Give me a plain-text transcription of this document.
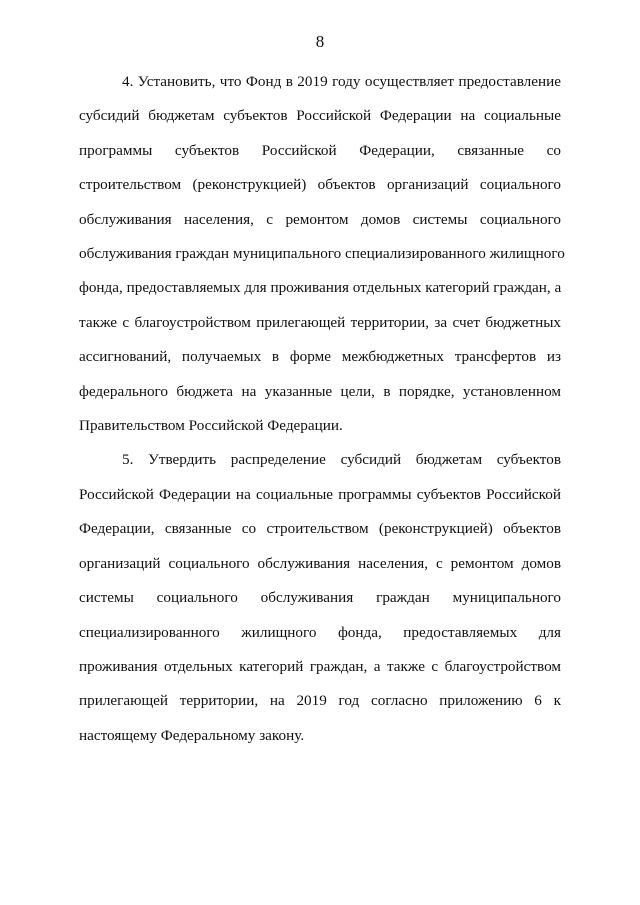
8
4. Установить, что Фонд в 2019 году осуществляет предоставление
субсидий бюджетам субъектов Российской Федерации на социальные
программы субъектов Российской Федерации, связанные со
строительством (реконструкцией) объектов организаций социального
обслуживания населения, с ремонтом домов системы социального
обслуживания граждан муниципального специализированного жилищного
фонда, предоставляемых для проживания отдельных категорий граждан, а
также с благоустройством прилегающей территории, за счет бюджетных
ассигнований, получаемых в форме межбюджетных трансфертов из
федерального бюджета на указанные цели, в порядке, установленном
Правительством Российской Федерации.
5. Утвердить распределение субсидий бюджетам субъектов
Российской Федерации на социальные программы субъектов Российской
Федерации, связанные со строительством (реконструкцией) объектов
организаций социального обслуживания населения, с ремонтом домов
системы социального обслуживания граждан муниципального
специализированного жилищного фонда, предоставляемых для
проживания отдельных категорий граждан, а также с благоустройством
прилегающей территории, на 2019 год согласно приложению 6 к
настоящему Федеральному закону.
